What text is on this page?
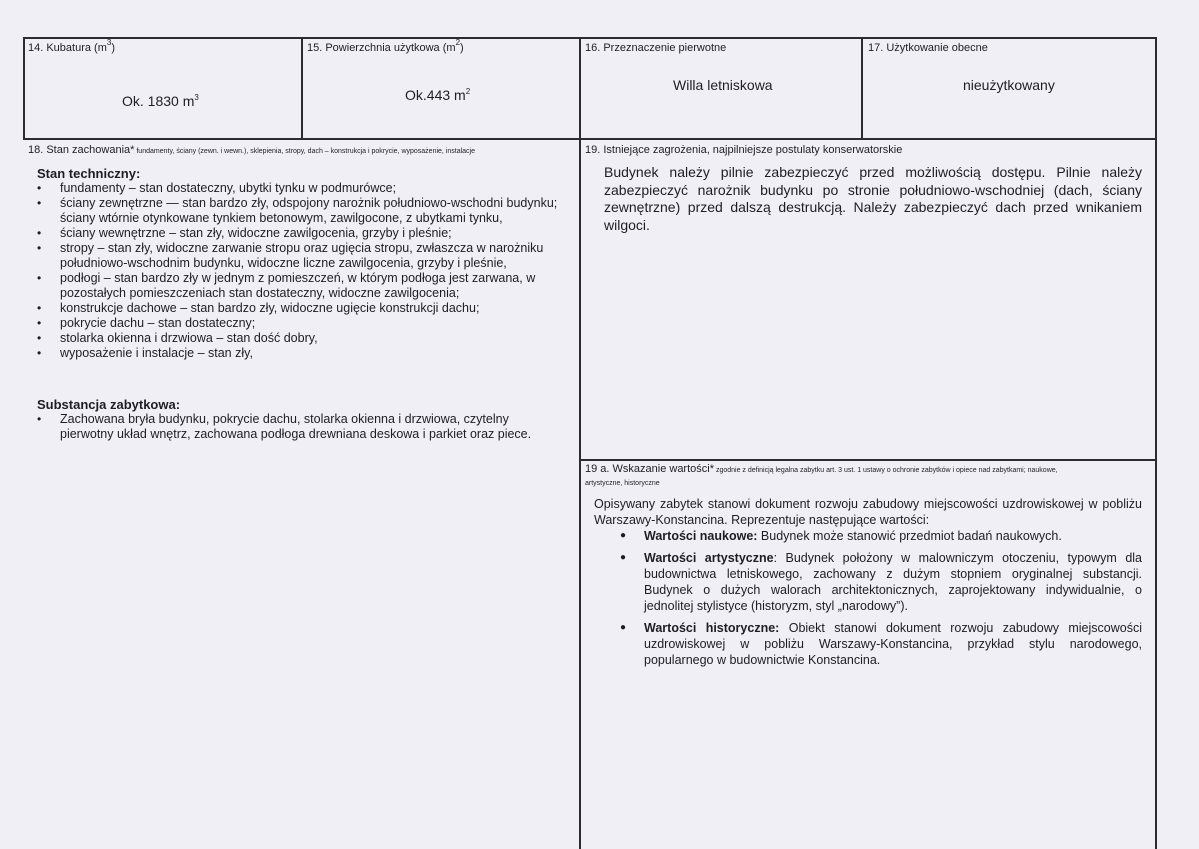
14. Kubatura $(m^3)$
Ok. 1830 $m^3$
15. Powierzchnia użytkowa $(m^2)$
Ok.443 $m^2$
16. Przeznaczenie pierwotne
Willa letniskowa
17. Użytkowanie obecne
nieużytkowany
18. Stan zachowania* fundamenty, ściany (zewn. i wewn.), sklepienia, stropy, dach – konstrukcja i pokrycie, wyposażenie, instalacje
Stan techniczny:
• fundamenty – stan dostateczny, ubytki tynku w podmurówce;
• ściany zewnętrzne — stan bardzo zły, odspojony narożnik południowo-wschodni budynku; ściany wtórnie otynkowane tynkiem betonowym, zawilgocone, z ubytkami tynku,
• ściany wewnętrzne – stan zły, widoczne zawilgocenia, grzyby i pleśnie;
• stropy – stan zły, widoczne zarwanie stropu oraz ugięcia stropu, zwłaszcza w narożniku południowo-wschodnim budynku, widoczne liczne zawilgocenia, grzyby i pleśnie,
• podłogi – stan bardzo zły w jednym z pomieszczeń, w którym podłoga jest zarwana, w pozostałych pomieszczeniach stan dostateczny, widoczne zawilgocenia;
• konstrukcje dachowe – stan bardzo zły, widoczne ugięcie konstrukcji dachu;
• pokrycie dachu – stan dostateczny;
• stolarka okienna i drzwiowa – stan dość dobry,
• wyposażenie i instalacje – stan zły,
Substancja zabytkowa:
• Zachowana bryła budynku, pokrycie dachu, stolarka okienna i drzwiowa, czytelny pierwotny układ wnętrz, zachowana podłoga drewniana deskowa i parkiet oraz piece.
19. Istniejące zagrożenia, najpilniejsze postulaty konserwatorskie
Budynek należy pilnie zabezpieczyć przed możliwością dostępu. Pilnie należy zabezpieczyć narożnik budynku po stronie południowo-wschodniej (dach, ściany zewnętrzne) przed dalszą destrukcją. Należy zabezpieczyć dach przed wnikaniem wilgoci.
19 a. Wskazanie wartości* zgodnie z definicją legalna zabytku art. 3 ust. 1 ustawy o ochronie zabytków i opiece nad zabytkami; naukowe,
artystyczne, historyczne
Opisywany zabytek stanowi dokument rozwoju zabudowy miejscowości uzdrowiskowej w pobliżu Warszawy-Konstancina. Reprezentuje następujące wartości:
● Wartości naukowe: Budynek może stanowić przedmiot badań naukowych.
● Wartości artystyczne: Budynek położony w malowniczym otoczeniu, typowym dla budownictwa letniskowego, zachowany z dużym stopniem oryginalnej substancji. Budynek o dużych walorach architektonicznych, zaprojektowany indywidualnie, o jednolitej stylistyce (historyzm, styl „narodowy”).
● Wartości historyczne: Obiekt stanowi dokument rozwoju zabudowy miejscowości uzdrowiskowej w pobliżu Warszawy-Konstancina, przykład stylu narodowego, popularnego w budownictwie Konstancina.
